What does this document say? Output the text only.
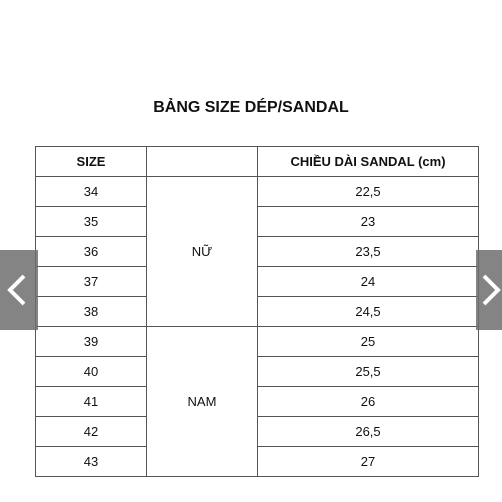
BẢNG SIZE DÉP/SANDAL
SIZE		CHIỀU DÀI SANDAL (cm)
34	NỮ	22,5
35		23
36		23,5
37		24
38		24,5
39	NAM	25
40		25,5
41		26
42		26,5
43		27
